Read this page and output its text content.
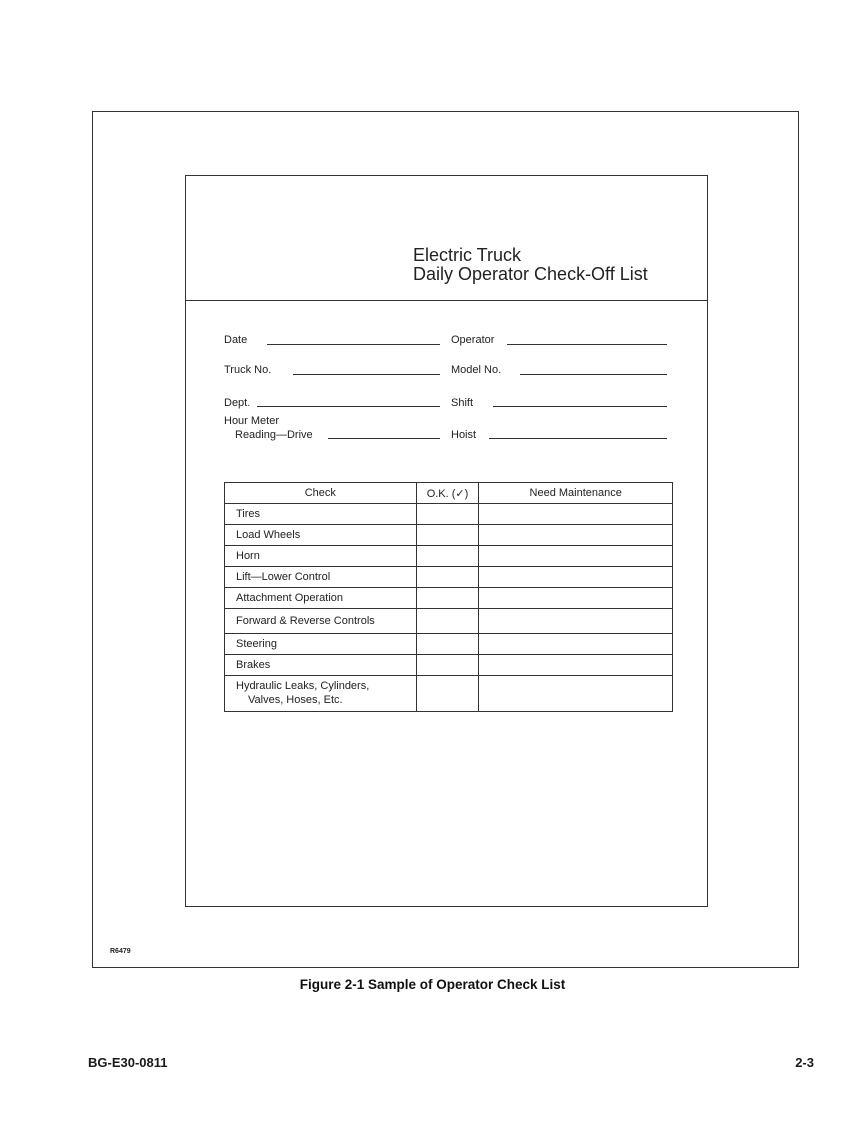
Electric Truck
Daily Operator Check-Off List
Date	Operator
Truck No.	Model No.
Dept.	Shift
Hour Meter
Reading—Drive	Hoist
Check	O.K. (✓)	Need Maintenance
Tires		
Load Wheels		
Horn		
Lift—Lower Control		
Attachment Operation		
Forward & Reverse Controls		
Steering		
Brakes		
Hydraulic Leaks, Cylinders,
Valves, Hoses, Etc.		

R6479
Figure 2-1 Sample of Operator Check List
BG-E30-0811	2-3
